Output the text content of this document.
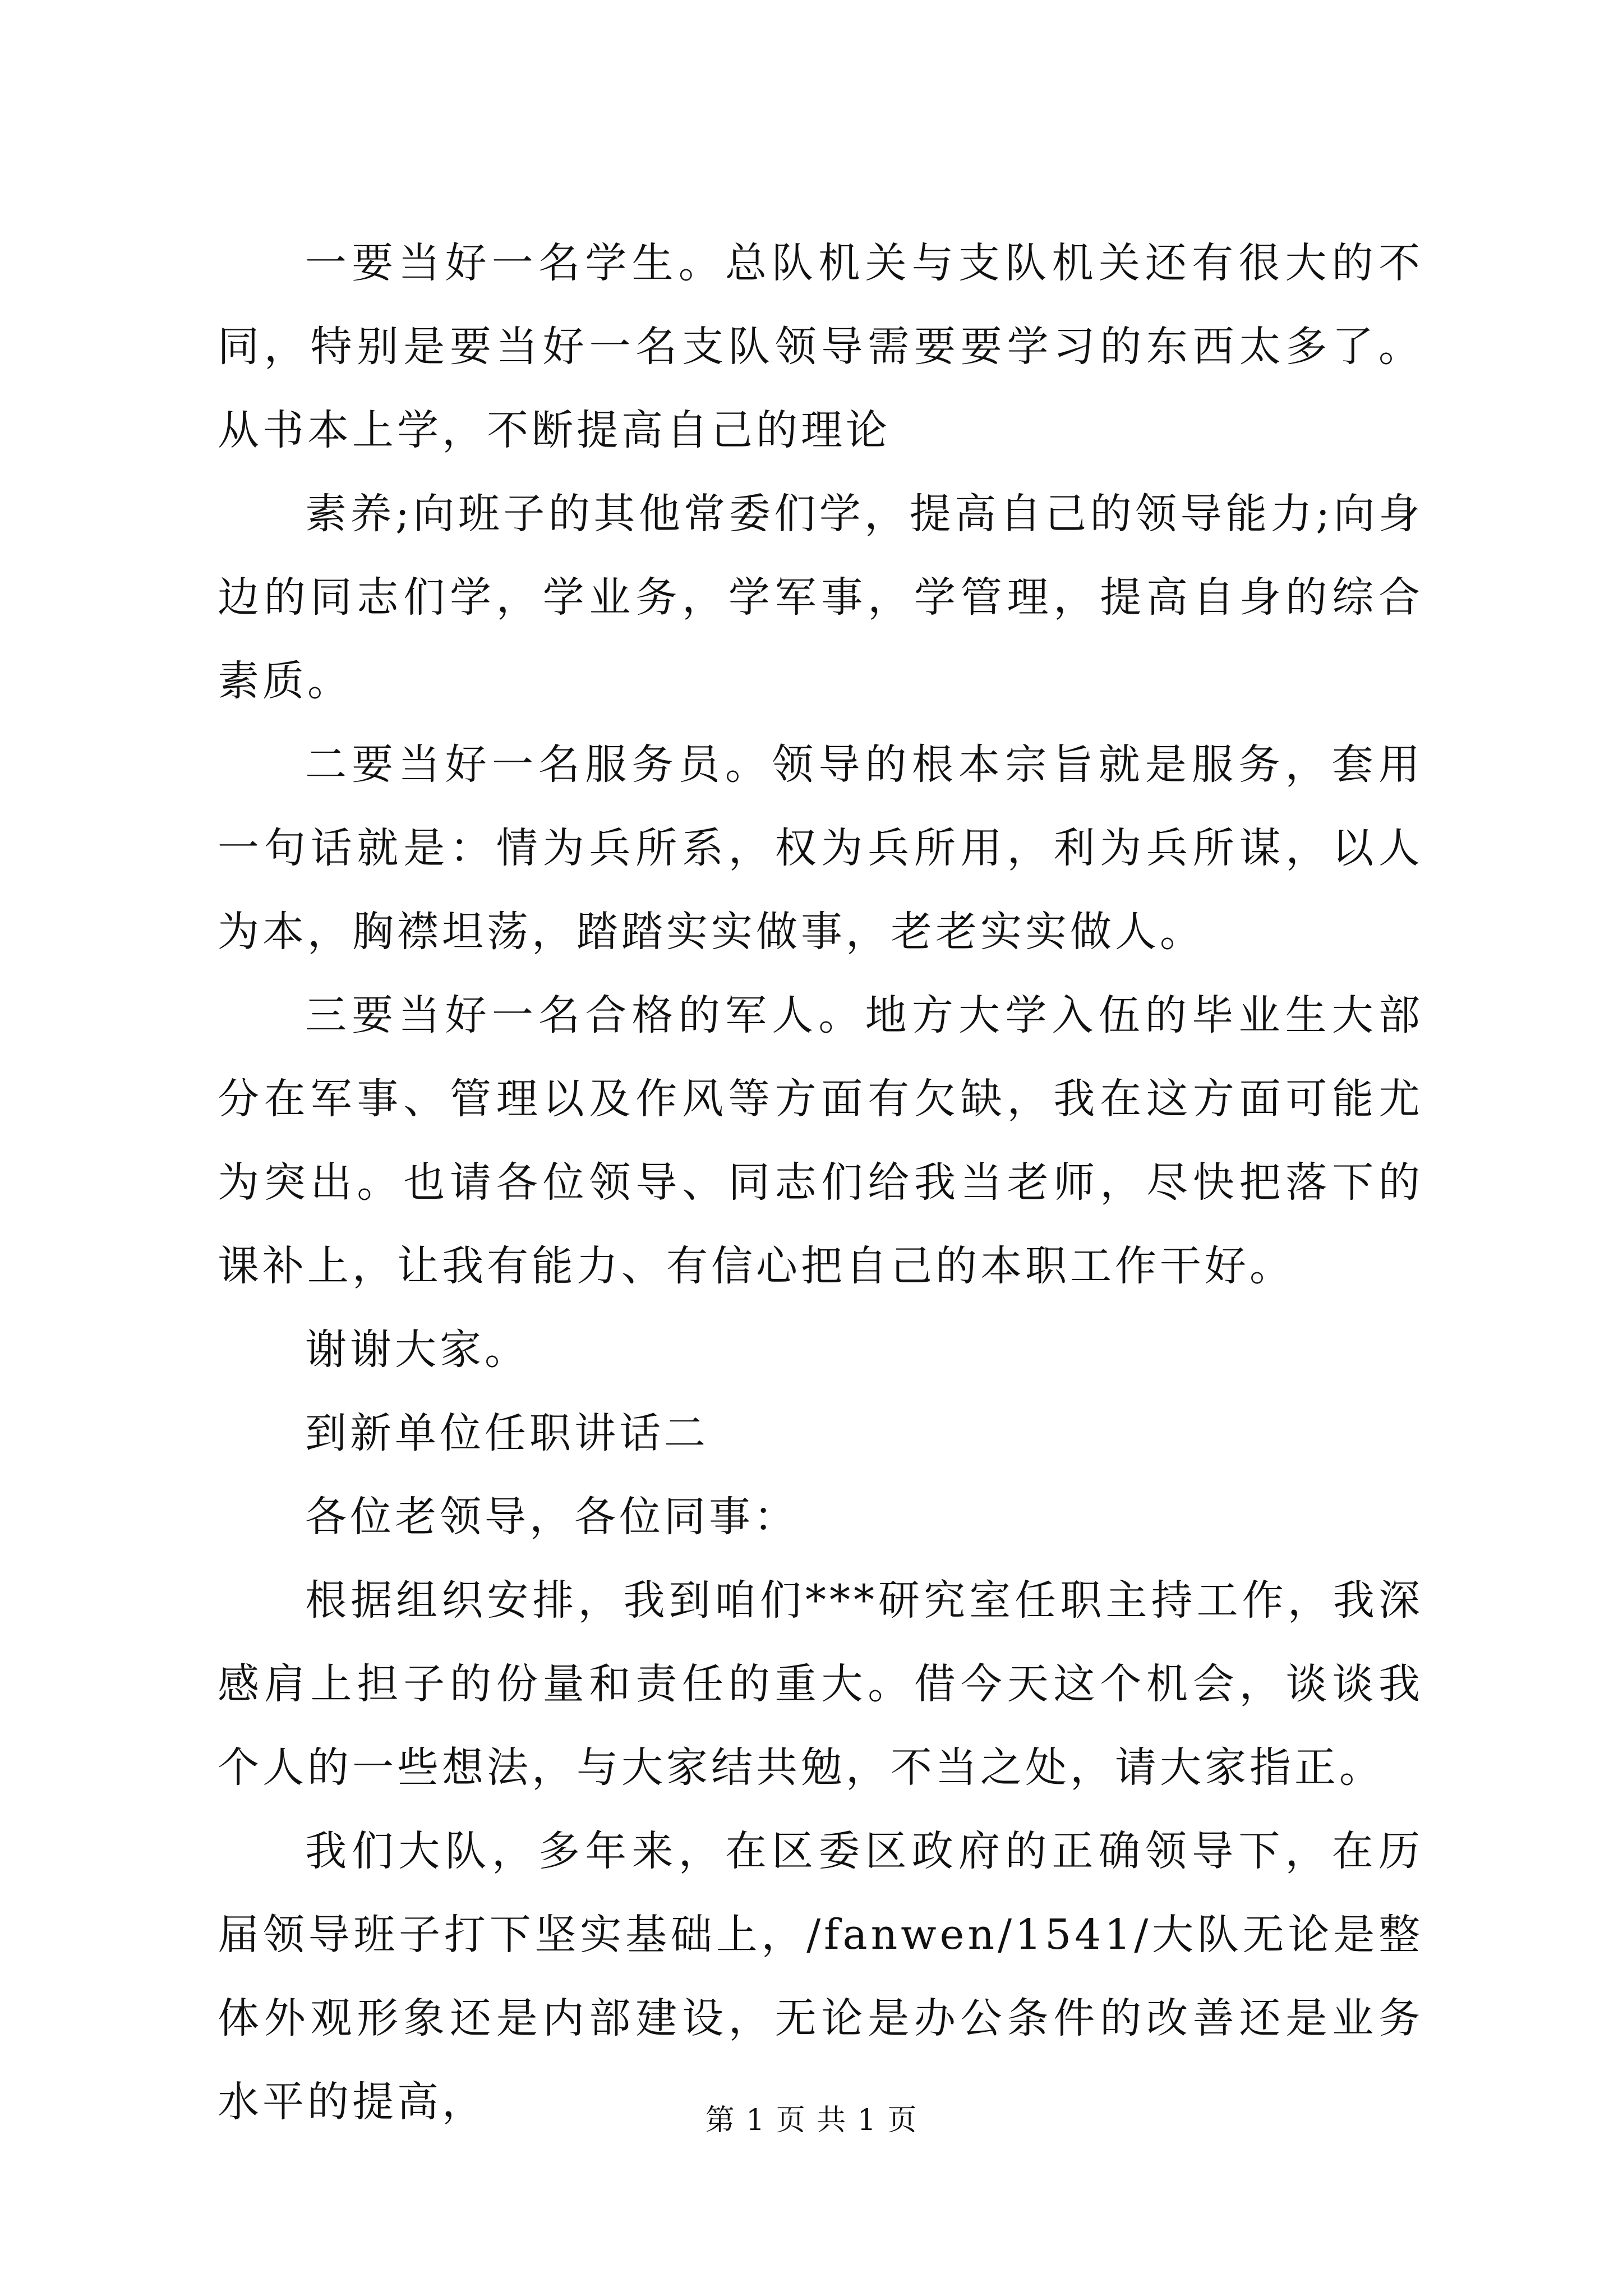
一要当好一名学生。总队机关与支队机关还有很大的不同，特别是要当好一名支队领导需要要学习的东西太多了。从书本上学，不断提高自己的理论

素养;向班子的其他常委们学，提高自己的领导能力;向身边的同志们学，学业务，学军事，学管理，提高自身的综合素质。

二要当好一名服务员。领导的根本宗旨就是服务，套用一句话就是：情为兵所系，权为兵所用，利为兵所谋，以人为本，胸襟坦荡，踏踏实实做事，老老实实做人。

三要当好一名合格的军人。地方大学入伍的毕业生大部分在军事、管理以及作风等方面有欠缺，我在这方面可能尤为突出。也请各位领导、同志们给我当老师，尽快把落下的课补上，让我有能力、有信心把自己的本职工作干好。

谢谢大家。

到新单位任职讲话二

各位老领导，各位同事：

根据组织安排，我到咱们***研究室任职主持工作，我深感肩上担子的份量和责任的重大。借今天这个机会，谈谈我个人的一些想法，与大家结共勉，不当之处，请大家指正。

我们大队，多年来，在区委区政府的正确领导下，在历届领导班子打下坚实基础上，/fanwen/1541/大队无论是整体外观形象还是内部建设，无论是办公条件的改善还是业务水平的提高，	第 1 页 共 1 页
